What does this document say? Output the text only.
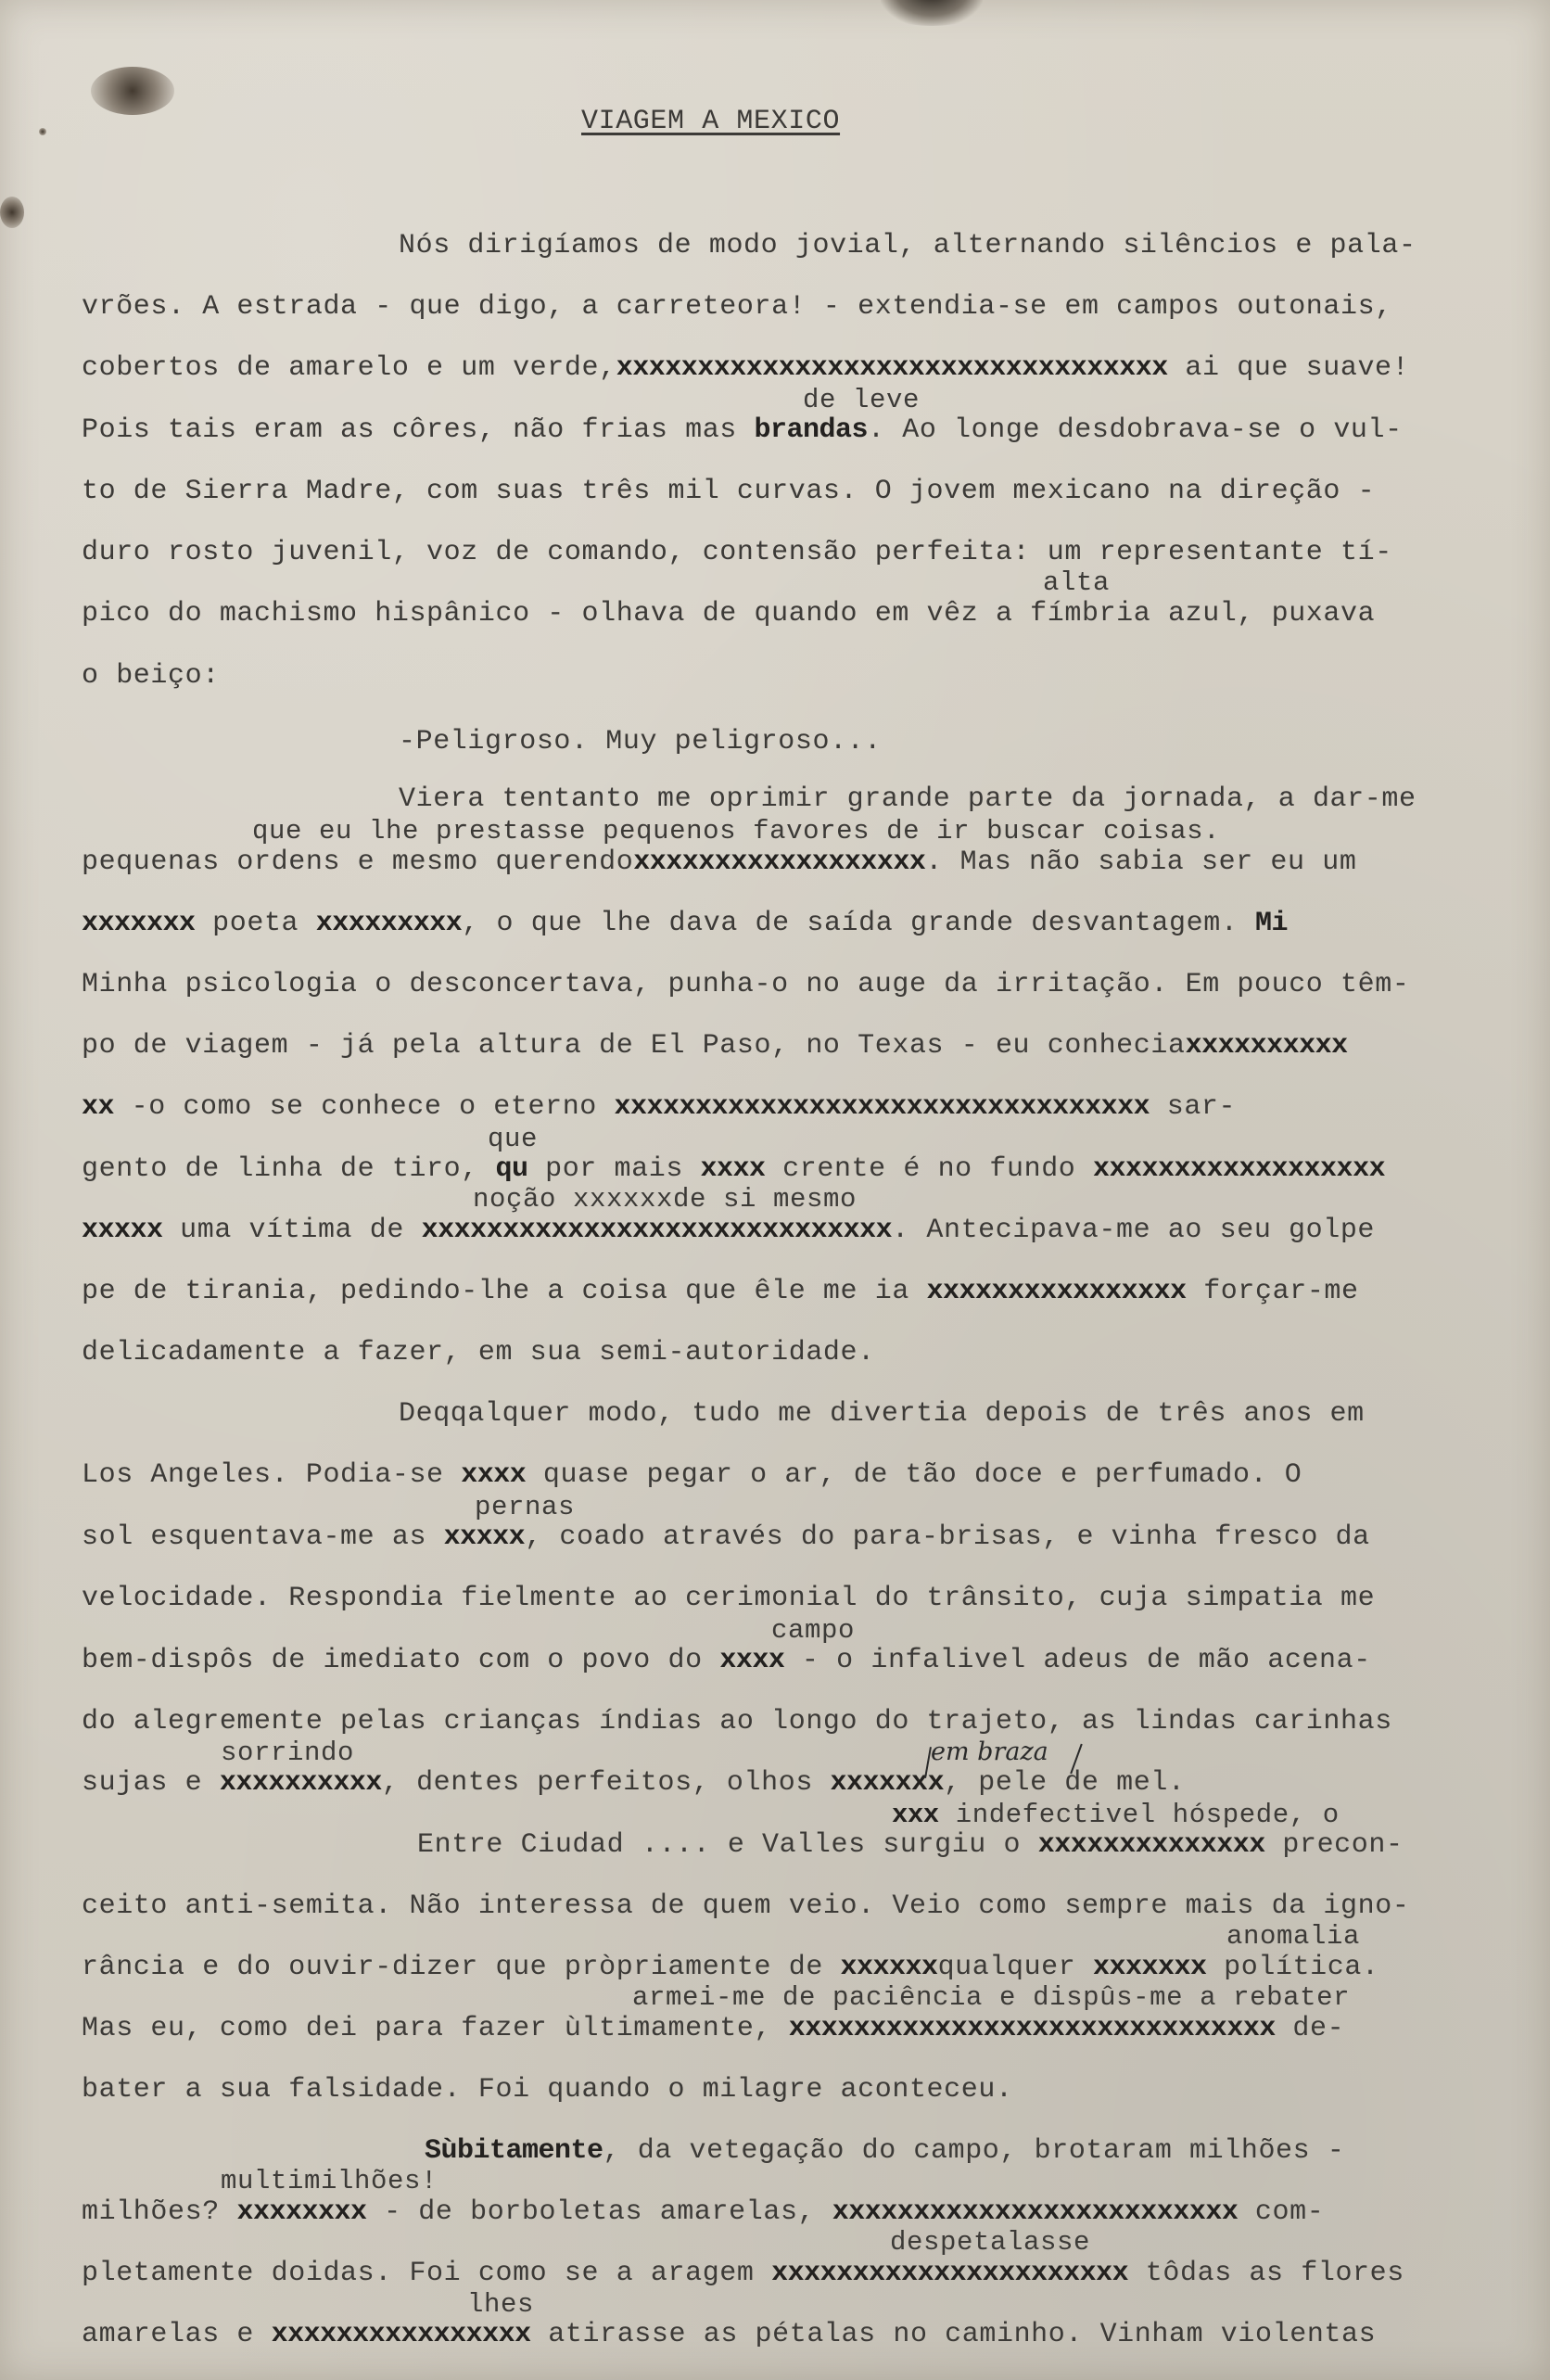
VIAGEM A MEXICO
Nós dirigíamos de modo jovial, alternando silêncios e pala-
vrões. A estrada - que digo, a carreteora! - extendia-se em campos outonais,
cobertos de amarelo e um verde,xxxxxxxxxxxxxxxxxxxxxxxxxxxxxxxxxx ai que suave!
de leve
Pois tais eram as côres, não frias mas brandas. Ao longe desdobrava-se o vul-
to de Sierra Madre, com suas três mil curvas. O jovem mexicano na direção -
duro rosto juvenil, voz de comando, contensão perfeita: um representante tí-
alta
pico do machismo hispânico - olhava de quando em vêz a fímbria azul, puxava
o beiço:
-Peligroso. Muy peligroso...
Viera tentanto me oprimir grande parte da jornada, a dar-me
que eu lhe prestasse pequenos favores de ir buscar coisas.
pequenas ordens e mesmo querendoxxxxxxxxxxxxxxxxxx. Mas não sabia ser eu um
xxxxxxx poeta xxxxxxxxx, o que lhe dava de saída grande desvantagem. Mi
Minha psicologia o desconcertava, punha-o no auge da irritação. Em pouco têm-
po de viagem - já pela altura de El Paso, no Texas - eu conheciaxxxxxxxxxx
xx -o como se conhece o eterno xxxxxxxxxxxxxxxxxxxxxxxxxxxxxxxxx sar-
que
gento de linha de tiro, qu por mais xxxx crente é no fundo xxxxxxxxxxxxxxxxxx
noção xxxxxxde si mesmo
xxxxx uma vítima de xxxxxxxxxxxxxxxxxxxxxxxxxxxxx. Antecipava-me ao seu golpe
pe de tirania, pedindo-lhe a coisa que êle me ia xxxxxxxxxxxxxxxx forçar-me
delicadamente a fazer, em sua semi-autoridade.
Deqqalquer modo, tudo me divertia depois de três anos em
Los Angeles. Podia-se xxxx quase pegar o ar, de tão doce e perfumado. O
pernas
sol esquentava-me as xxxxx, coado através do para-brisas, e vinha fresco da
velocidade. Respondia fielmente ao cerimonial do trânsito, cuja simpatia me
campo
bem-dispôs de imediato com o povo do xxxx - o infalivel adeus de mão acena-
do alegremente pelas crianças índias ao longo do trajeto, as lindas carinhas
sorrindo
sujas e xxxxxxxxxx, dentes perfeitos, olhos xxxxxxx, pele de mel.
em braza
xxx indefectivel hóspede, o
Entre Ciudad .... e Valles surgiu o xxxxxxxxxxxxxx precon-
ceito anti-semita. Não interessa de quem veio. Veio como sempre mais da igno-
anomalia
rância e do ouvir-dizer que pròpriamente de xxxxxxqualquer xxxxxxx política.
armei-me de paciência e dispûs-me a rebater
Mas eu, como dei para fazer ùltimamente, xxxxxxxxxxxxxxxxxxxxxxxxxxxxxx de-
bater a sua falsidade. Foi quando o milagre aconteceu.
Sùbitamente, da vetegação do campo, brotaram milhões -
multimilhões!
milhões? xxxxxxxx - de borboletas amarelas, xxxxxxxxxxxxxxxxxxxxxxxxx com-
despetalasse
pletamente doidas. Foi como se a aragem xxxxxxxxxxxxxxxxxxxxxx tôdas as flores
lhes
amarelas e xxxxxxxxxxxxxxxx atirasse as pétalas no caminho. Vinham violentas
